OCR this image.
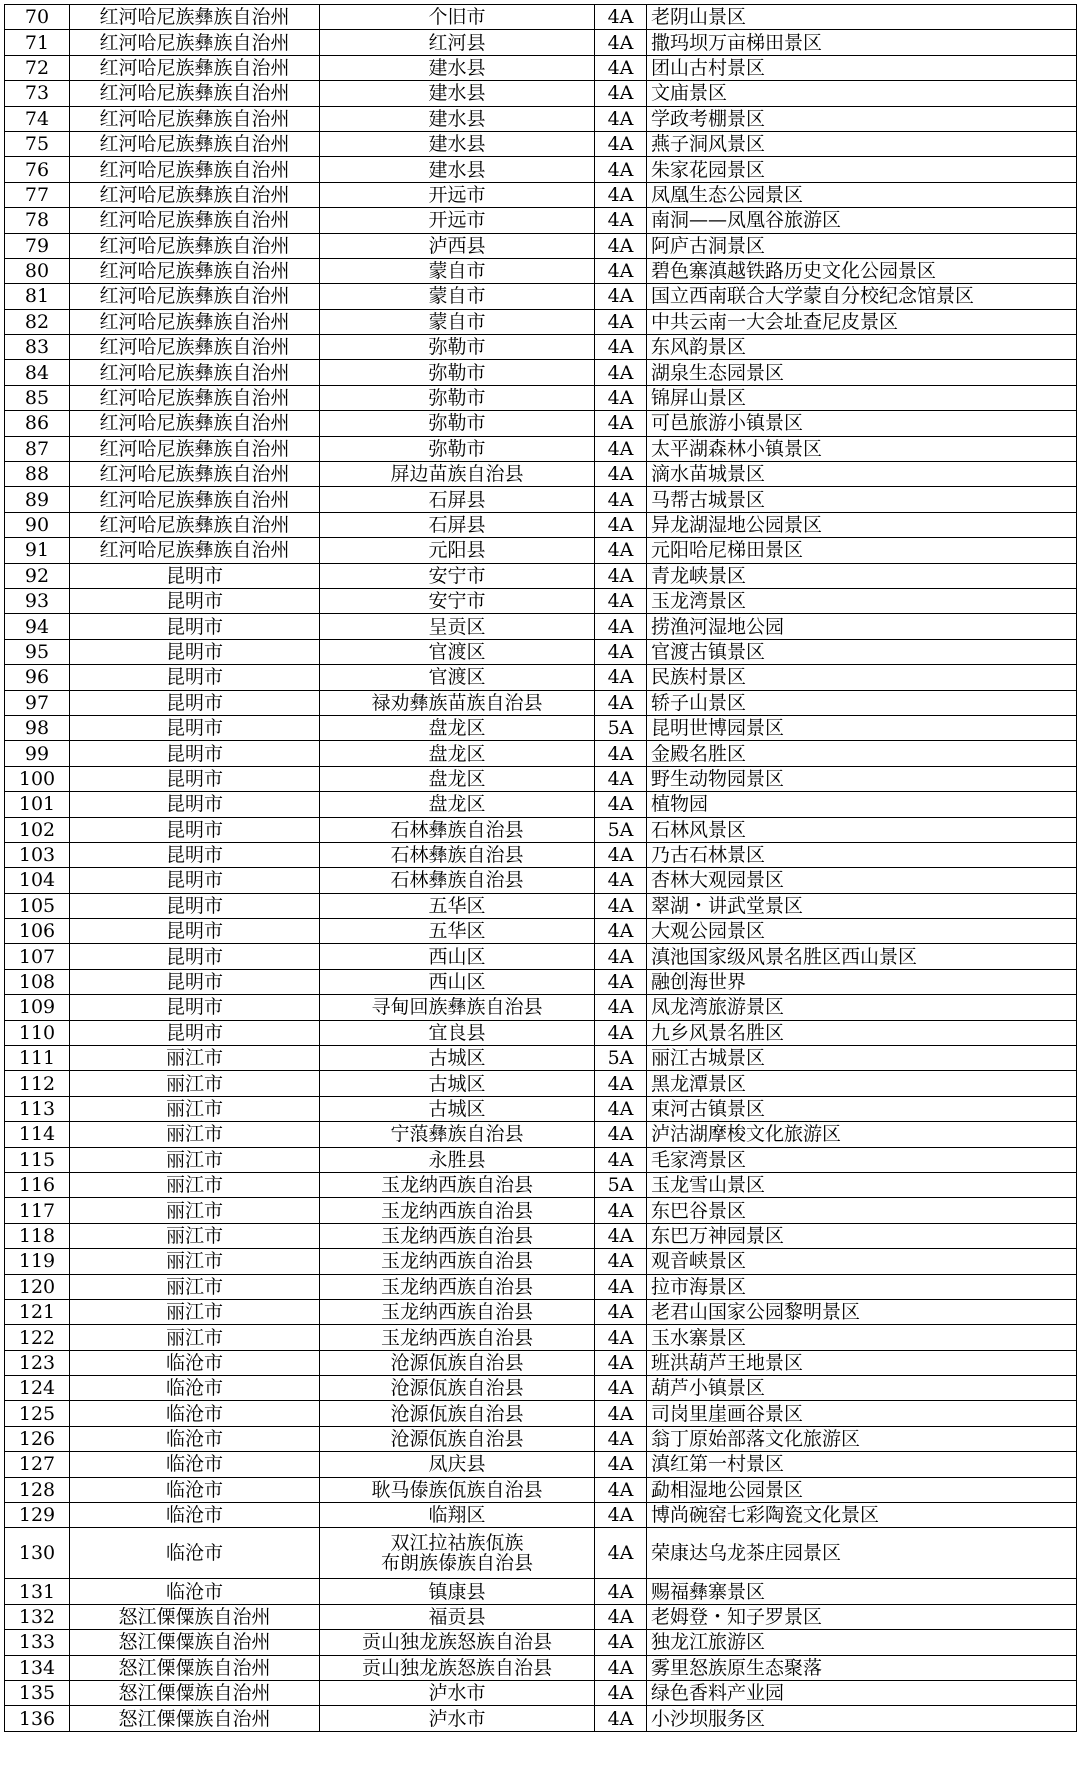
70	红河哈尼族彝族自治州	个旧市	4A	老阴山景区
71	红河哈尼族彝族自治州	红河县	4A	撒玛坝万亩梯田景区
72	红河哈尼族彝族自治州	建水县	4A	团山古村景区
73	红河哈尼族彝族自治州	建水县	4A	文庙景区
74	红河哈尼族彝族自治州	建水县	4A	学政考棚景区
75	红河哈尼族彝族自治州	建水县	4A	燕子洞风景区
76	红河哈尼族彝族自治州	建水县	4A	朱家花园景区
77	红河哈尼族彝族自治州	开远市	4A	凤凰生态公园景区
78	红河哈尼族彝族自治州	开远市	4A	南洞——凤凰谷旅游区
79	红河哈尼族彝族自治州	泸西县	4A	阿庐古洞景区
80	红河哈尼族彝族自治州	蒙自市	4A	碧色寨滇越铁路历史文化公园景区
81	红河哈尼族彝族自治州	蒙自市	4A	国立西南联合大学蒙自分校纪念馆景区
82	红河哈尼族彝族自治州	蒙自市	4A	中共云南一大会址查尼皮景区
83	红河哈尼族彝族自治州	弥勒市	4A	东风韵景区
84	红河哈尼族彝族自治州	弥勒市	4A	湖泉生态园景区
85	红河哈尼族彝族自治州	弥勒市	4A	锦屏山景区
86	红河哈尼族彝族自治州	弥勒市	4A	可邑旅游小镇景区
87	红河哈尼族彝族自治州	弥勒市	4A	太平湖森林小镇景区
88	红河哈尼族彝族自治州	屏边苗族自治县	4A	滴水苗城景区
89	红河哈尼族彝族自治州	石屏县	4A	马帮古城景区
90	红河哈尼族彝族自治州	石屏县	4A	异龙湖湿地公园景区
91	红河哈尼族彝族自治州	元阳县	4A	元阳哈尼梯田景区
92	昆明市	安宁市	4A	青龙峡景区
93	昆明市	安宁市	4A	玉龙湾景区
94	昆明市	呈贡区	4A	捞渔河湿地公园
95	昆明市	官渡区	4A	官渡古镇景区
96	昆明市	官渡区	4A	民族村景区
97	昆明市	禄劝彝族苗族自治县	4A	轿子山景区
98	昆明市	盘龙区	5A	昆明世博园景区
99	昆明市	盘龙区	4A	金殿名胜区
100	昆明市	盘龙区	4A	野生动物园景区
101	昆明市	盘龙区	4A	植物园
102	昆明市	石林彝族自治县	5A	石林风景区
103	昆明市	石林彝族自治县	4A	乃古石林景区
104	昆明市	石林彝族自治县	4A	杏林大观园景区
105	昆明市	五华区	4A	翠湖・讲武堂景区
106	昆明市	五华区	4A	大观公园景区
107	昆明市	西山区	4A	滇池国家级风景名胜区西山景区
108	昆明市	西山区	4A	融创海世界
109	昆明市	寻甸回族彝族自治县	4A	凤龙湾旅游景区
110	昆明市	宜良县	4A	九乡风景名胜区
111	丽江市	古城区	5A	丽江古城景区
112	丽江市	古城区	4A	黑龙潭景区
113	丽江市	古城区	4A	束河古镇景区
114	丽江市	宁蒗彝族自治县	4A	泸沽湖摩梭文化旅游区
115	丽江市	永胜县	4A	毛家湾景区
116	丽江市	玉龙纳西族自治县	5A	玉龙雪山景区
117	丽江市	玉龙纳西族自治县	4A	东巴谷景区
118	丽江市	玉龙纳西族自治县	4A	东巴万神园景区
119	丽江市	玉龙纳西族自治县	4A	观音峡景区
120	丽江市	玉龙纳西族自治县	4A	拉市海景区
121	丽江市	玉龙纳西族自治县	4A	老君山国家公园黎明景区
122	丽江市	玉龙纳西族自治县	4A	玉水寨景区
123	临沧市	沧源佤族自治县	4A	班洪葫芦王地景区
124	临沧市	沧源佤族自治县	4A	葫芦小镇景区
125	临沧市	沧源佤族自治县	4A	司岗里崖画谷景区
126	临沧市	沧源佤族自治县	4A	翁丁原始部落文化旅游区
127	临沧市	凤庆县	4A	滇红第一村景区
128	临沧市	耿马傣族佤族自治县	4A	勐相湿地公园景区
129	临沧市	临翔区	4A	博尚碗窑七彩陶瓷文化景区
130	临沧市	双江拉祜族佤族
布朗族傣族自治县	4A	荣康达乌龙茶庄园景区
131	临沧市	镇康县	4A	赐福彝寨景区
132	怒江傈僳族自治州	福贡县	4A	老姆登・知子罗景区
133	怒江傈僳族自治州	贡山独龙族怒族自治县	4A	独龙江旅游区
134	怒江傈僳族自治州	贡山独龙族怒族自治县	4A	雾里怒族原生态聚落
135	怒江傈僳族自治州	泸水市	4A	绿色香料产业园
136	怒江傈僳族自治州	泸水市	4A	小沙坝服务区
